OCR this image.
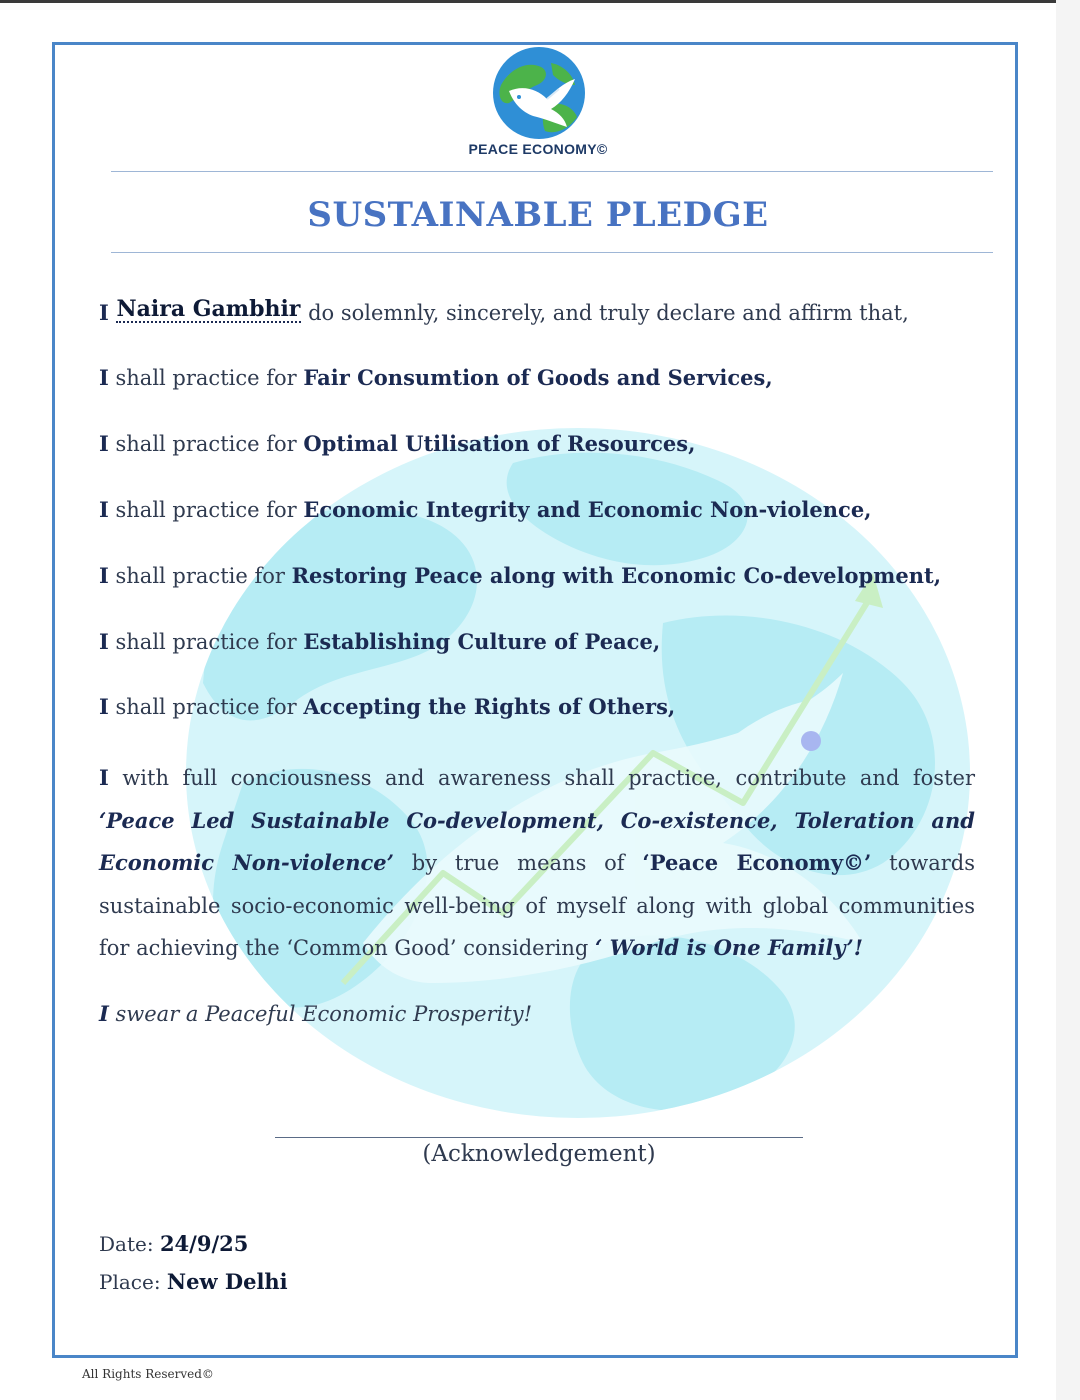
PEACE ECONOMY©
SUSTAINABLE PLEDGE
I Naira Gambhir do solemnly, sincerely, and truly declare and affirm that,
I shall practice for Fair Consumtion of Goods and Services,
I shall practice for Optimal Utilisation of Resources,
I shall practice for Economic Integrity and Economic Non-violence,
I shall practie for Restoring Peace along with Economic Co-development,
I shall practice for Establishing Culture of Peace,
I shall practice for Accepting the Rights of Others,
I with full conciousness and awareness shall practice, contribute and foster ‘Peace Led Sustainable Co-development, Co-existence, Toleration and Economic Non-violence’ by true means of ‘Peace Economy©’ towards sustainable socio-economic well-being of myself along with global communities for achieving the ‘Common Good’ considering ‘ World is One Family’!
I swear a Peaceful Economic Prosperity!
(Acknowledgement)
Date: 24/9/25
Place: New Delhi
All Rights Reserved©
